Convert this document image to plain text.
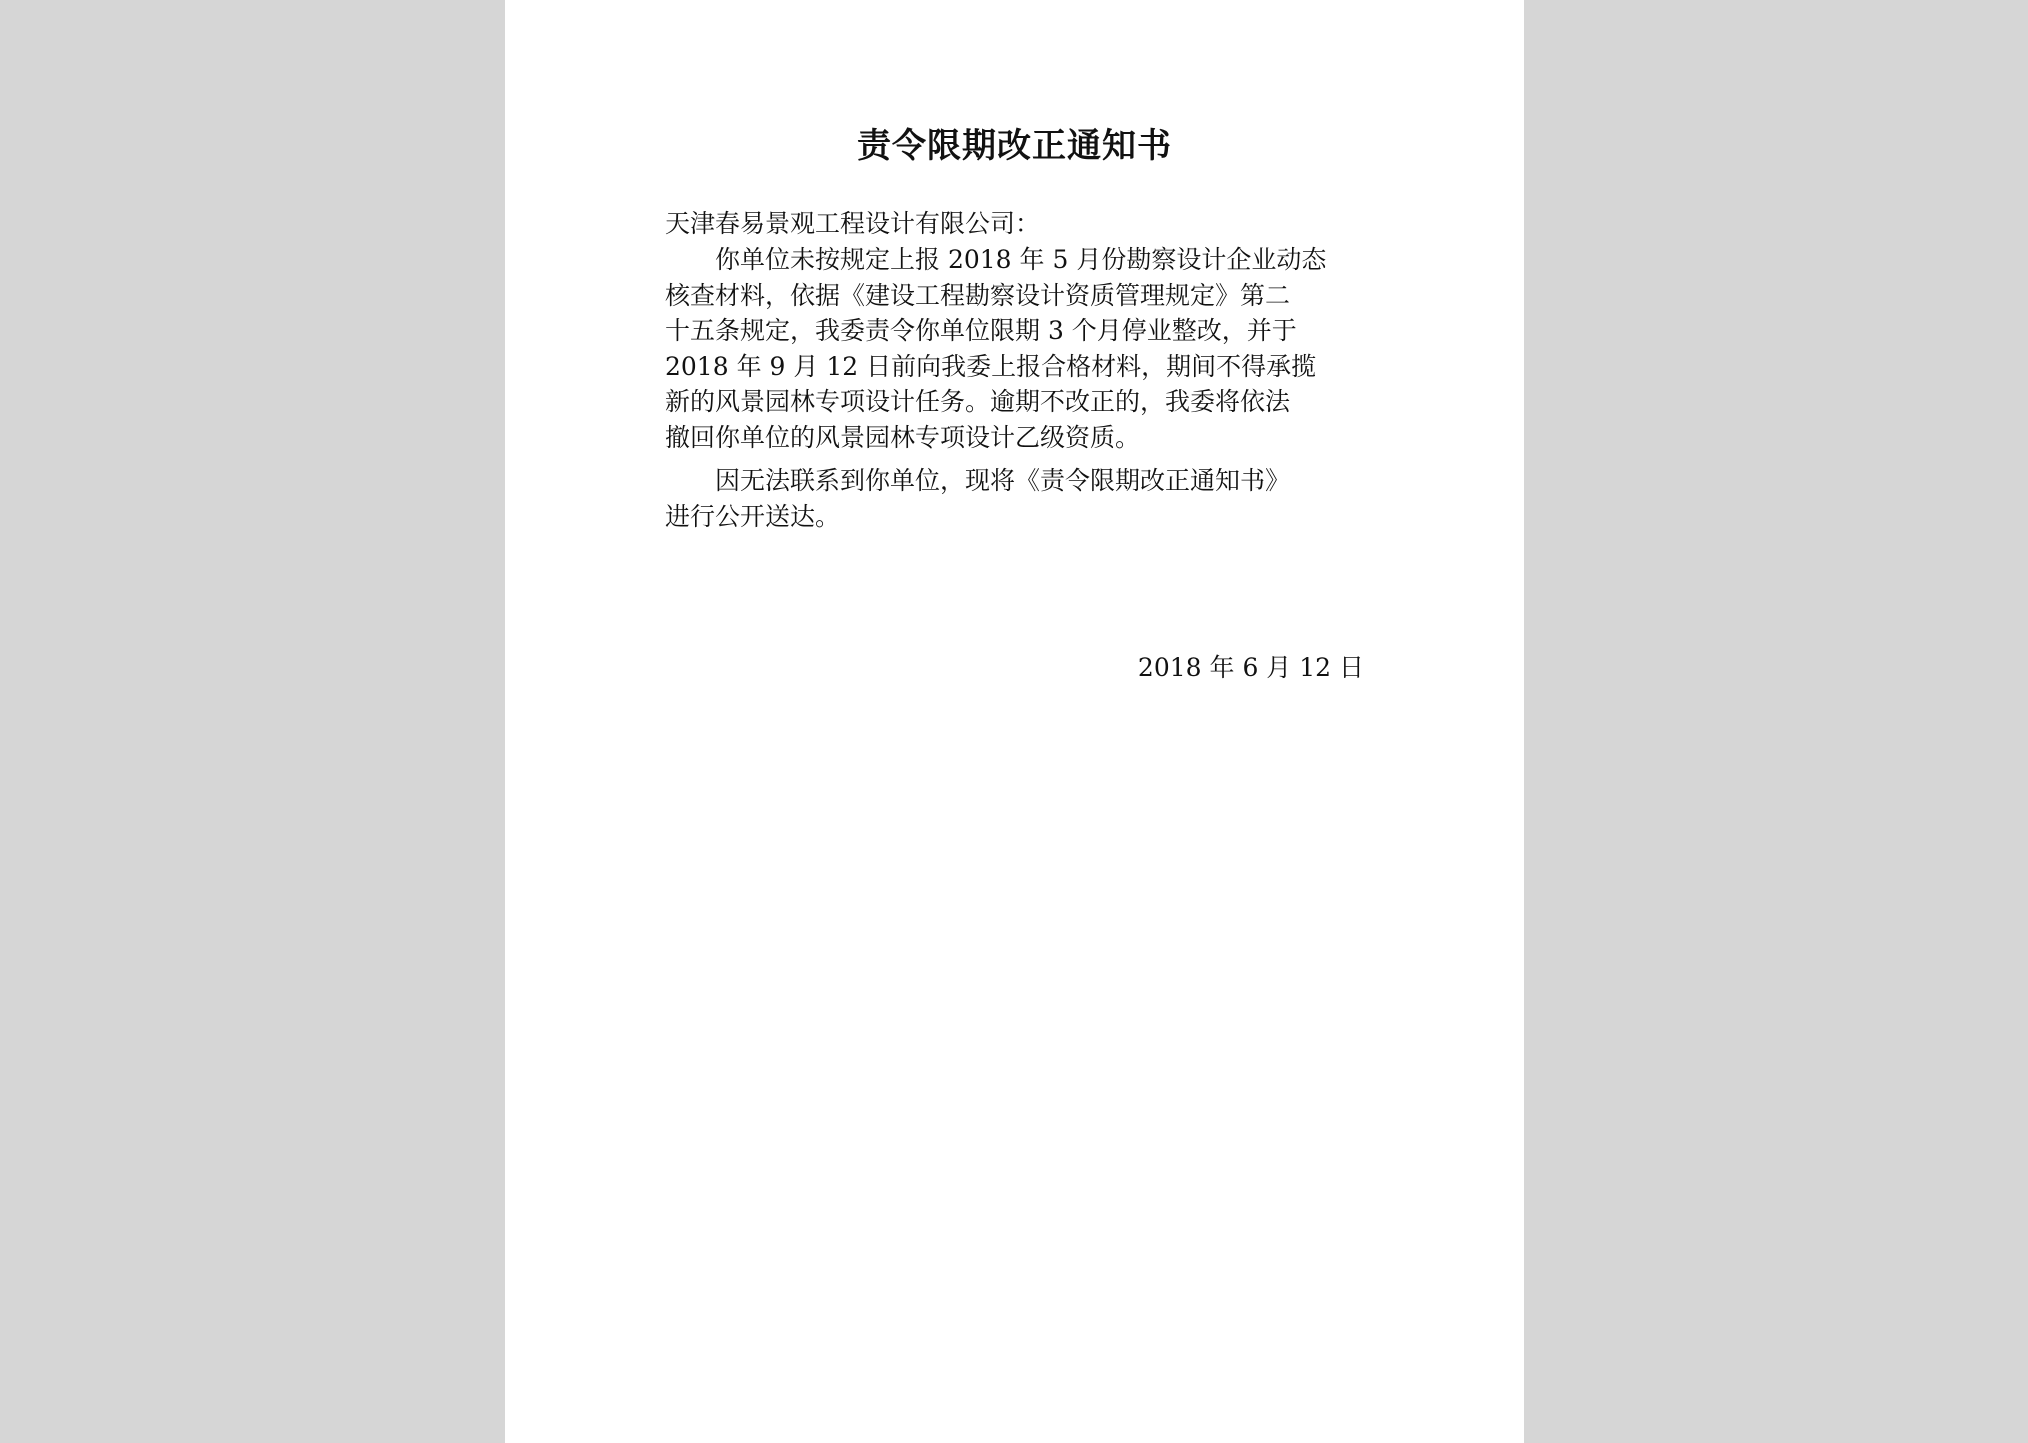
责令限期改正通知书
天津春易景观工程设计有限公司：
你单位未按规定上报 2018 年 5 月份勘察设计企业动态
核查材料，依据《建设工程勘察设计资质管理规定》第二
十五条规定，我委责令你单位限期 3 个月停业整改，并于
2018 年 9 月 12 日前向我委上报合格材料，期间不得承揽
新的风景园林专项设计任务。逾期不改正的，我委将依法
撤回你单位的风景园林专项设计乙级资质。
因无法联系到你单位，现将《责令限期改正通知书》
进行公开送达。
2018 年 6 月 12 日
